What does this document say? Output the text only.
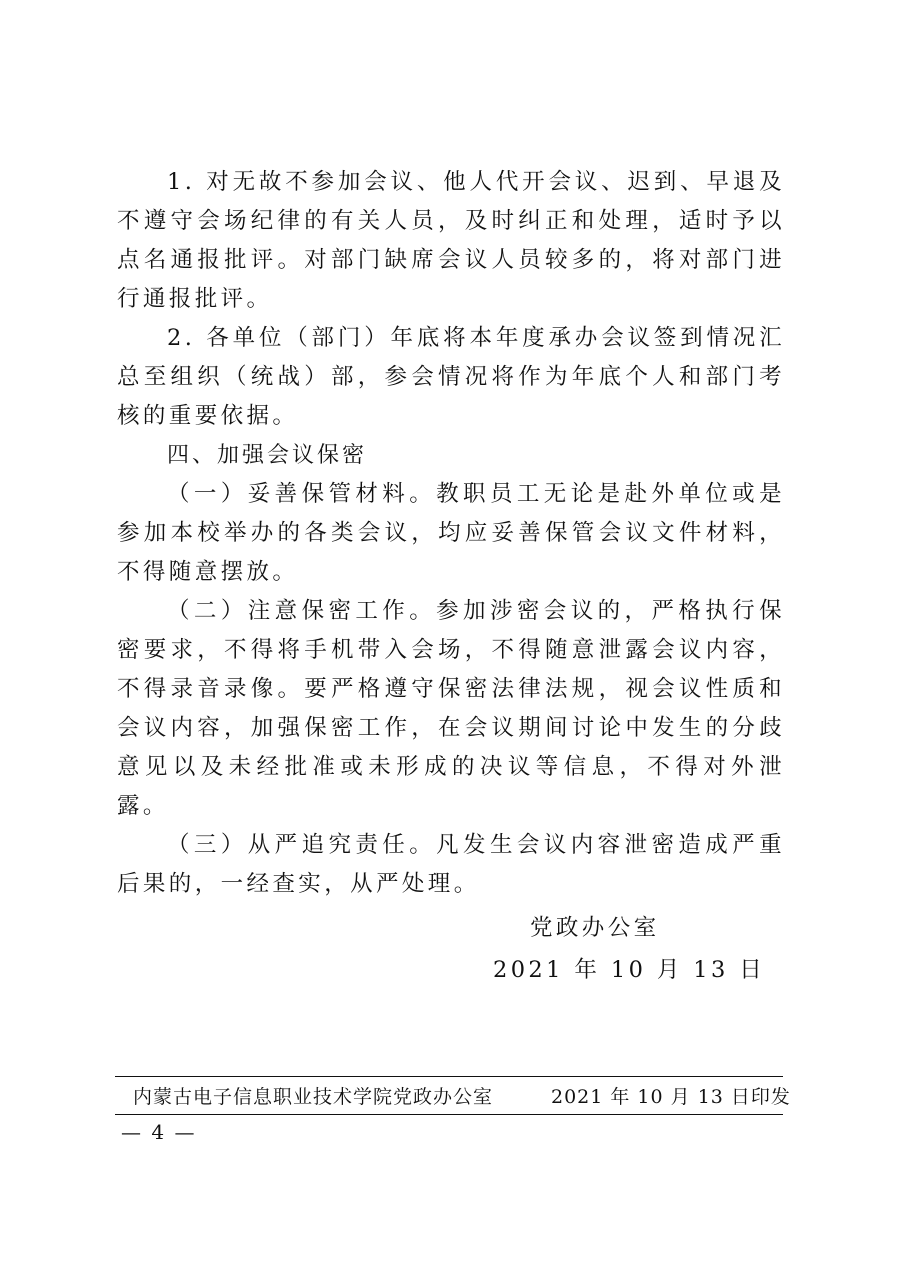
1. 对无故不参加会议、他人代开会议、迟到、早退及不遵守会场纪律的有关人员，及时纠正和处理，适时予以点名通报批评。对部门缺席会议人员较多的，将对部门进行通报批评。

2. 各单位（部门）年底将本年度承办会议签到情况汇总至组织（统战）部，参会情况将作为年底个人和部门考核的重要依据。

四、加强会议保密

（一）妥善保管材料。教职员工无论是赴外单位或是参加本校举办的各类会议，均应妥善保管会议文件材料，不得随意摆放。

（二）注意保密工作。参加涉密会议的，严格执行保密要求，不得将手机带入会场，不得随意泄露会议内容，不得录音录像。要严格遵守保密法律法规，视会议性质和会议内容，加强保密工作，在会议期间讨论中发生的分歧意见以及未经批准或未形成的决议等信息，不得对外泄露。

（三）从严追究责任。凡发生会议内容泄密造成严重后果的，一经查实，从严处理。

党政办公室
2021 年 10 月 13 日
内蒙古电子信息职业技术学院党政办公室	2021 年 10 月 13 日印发
— 4 —
